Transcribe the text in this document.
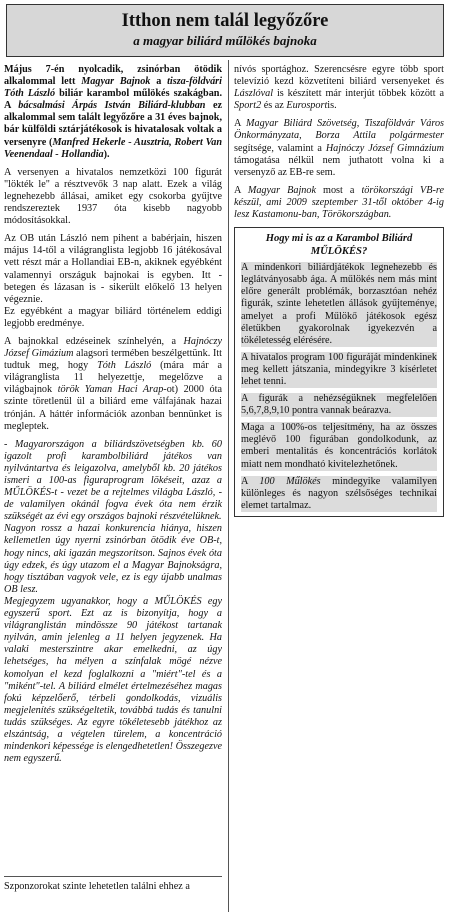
Itthon nem talál legyőzőre
a magyar biliárd műlökés bajnoka

Május 7-én nyolcadik, zsinórban ötödik alkalommal lett Magyar Bajnok a tisza-földvári Tóth László biliár karambol műlökés szakágban. A bácsalmási Árpás István Biliárd-klubban ez alkalommal sem talált legyőzőre a 31 éves bajnok, bár külföldi sztárjátékosok is hivatalosak voltak a versenyre (Manfred Hekerle - Ausztria, Robert Van Veenendaal - Hollandia).

A versenyen a hivatalos nemzetközi 100 figurát "lökték le" a résztvevők 3 nap alatt. Ezek a világ legnehezebb állásai, amiket egy csokorba gyűjtve rendszereztek 1937 óta kisebb nagyobb módosításokkal.

Az OB után László nem pihent a babérjain, hiszen május 14-től a világranglista legjobb 16 játékosával vett részt már a Hollandiai EB-n, akiknek egyébként valamennyi országuk bajnokai is egyben. Itt - betegen és lázasan is - sikerült előkelő 13 helyen végeznie.

Ez egyébként a magyar biliárd történelem eddigi legjobb eredménye.

A bajnokkal edzéseinek színhelyén, a Hajnóczy József Gimázium alagsori termében beszélgettünk. Itt tudtuk meg, hogy Tóth László (mára már a világranglista 11 helyezettje, megelőzve a világbajnok török Yaman Haci Arap-ot) 2000 óta szinte töretlenül ül a biliárd eme válfajának hazai trónján. A háttér információk azonban bennünket is megleptek.

- Magyarországon a biliárdszövetségben kb. 60 igazolt profi karambolbiliárd játékos van nyilvántartva és leigazolva, amelyből kb. 20 játékos ismeri a 100-as figuraprogram lökéseit, azaz a MŰLÖKÉS-t - vezet be a rejtelmes világba László, - de valamilyen okánál fogva évek óta nem érzik szükségét az évi egy országos bajnoki részvételüknek.
Nagyon rossz a hazai konkurencia hiánya, hiszen kellemetlen úgy nyerni zsinórban ötödik éve OB-t, hogy nincs, aki igazán megszorítson. Sajnos évek óta úgy edzek, és úgy utazom el a Magyar Bajnokságra, hogy tisztában vagyok vele, ez is egy újabb unalmas OB lesz.
Megjegyzem ugyanakkor, hogy a MŰLÖKÉS egy egyszerű sport. Ezt az is bizonyítja, hogy a világranglistán mindössze 90 játékost tartanak nyilván, amin jelenleg a 11 helyen jegyzenek. Ha valaki mesterszintre akar emelkedni, az úgy lehetséges, ha mélyen a színfalak mögé nézve komolyan el kezd foglalkozni a "miért"-tel és a "miként"-tel. A biliárd elmélet értelmezéséhez magas fokú képzelőerő, térbeli gondolkodás, vizuális megjelenítés szükségeltetik, továbbá tudás és tanulni tudás szükséges. Az egyre tökéletesebb játékhoz az elszántság, a végtelen türelem, a koncentráció mindenkori képessége is elengedhetetlen! Összegezve nem egyszerű.

Szponzorokat szinte lehetetlen találni ehhez a

nívós sportághoz. Szerencsésre egyre több sport televízió kezd közvetíteni biliárd versenyeket és Lászlóval is készített már interjút többek között a Sport2 és az Eurosportis.

A Magyar Biliárd Szövetség, Tiszaföldvár Város Önkormányzata, Borza Attila polgármester segítsége, valamint a Hajnóczy József Gimnázium támogatása nélkül nem juthatott volna ki a versenyző az EB-re sem.

A Magyar Bajnok most a törökországi VB-re készül, ami 2009 szeptember 31-től október 4-ig lesz Kastamonu-ban, Törökországban.

Hogy mi is az a Karambol Biliárd MŰLÖKÉS?

A mindenkori biliárdjátékok legnehezebb és leglátványosabb ága. A műlökés nem más mint előre generált problémák, borzasztóan nehéz figurák, szinte lehetetlen állások gyűjteménye, amelyet a profi Műlökő játékosok egész életükben gyakorolnak igyekezvén a tökéletesség elérésére.

A hivatalos program 100 figuráját mindenkinek meg kellett játszania, mindegyikre 3 kísérletet lehet tenni.

A figurák a nehézségüknek megfelelően 5,6,7,8,9,10 pontra vannak beárazva.

Maga a 100%-os teljesítmény, ha az összes meglévő 100 figurában gondolkodunk, az emberi mentalitás és koncentrációs korlátok miatt nem mondható kivitelezhetőnek.

A 100 Műlökés mindegyike valamilyen különleges és nagyon szélsőséges technikai elemet tartalmaz.
